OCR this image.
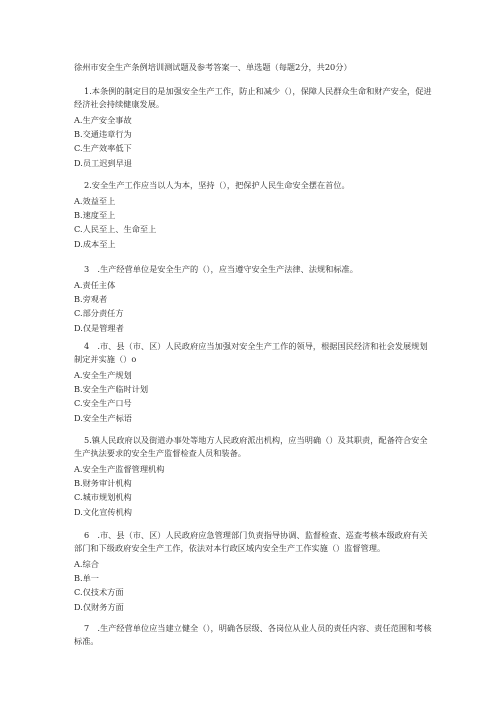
徐州市安全生产条例培训测试题及参考答案一、单选题（每题2分，共20分）

1.本条例的制定目的是加强安全生产工作，防止和减少（），保障人民群众生命和财产安全，促进经济社会持续健康发展。

A.生产安全事故

B.交通违章行为

C.生产效率低下

D.员工迟到早退

2.安全生产工作应当以人为本，坚持（），把保护人民生命安全摆在首位。

A.效益至上

B.速度至上

C.人民至上、生命至上

D.成本至上

3　.生产经营单位是安全生产的（），应当遵守安全生产法律、法规和标准。

A.责任主体

B.旁观者

C.部分责任方

D.仅是管理者

4　.市、县（市、区）人民政府应当加强对安全生产工作的领导，根据国民经济和社会发展规划制定并实施（）o

A.安全生产规划

B.安全生产临时计划

C.安全生产口号

D.安全生产标语

5.镇人民政府以及街道办事处等地方人民政府派出机构，应当明确（）及其职责，配备符合安全生产执法要求的安全生产监督检查人员和装备。

A.安全生产监督管理机构

B.财务审计机构

C.城市规划机构

D.文化宣传机构

6　.市、县（市、区）人民政府应急管理部门负责指导协调、监督检查、巡查考核本级政府有关部门和下级政府安全生产工作，依法对本行政区域内安全生产工作实施（）监督管理。

A.综合

B.单一

C.仅技术方面

D.仅财务方面

7　.生产经营单位应当建立健全（），明确各层级、各岗位从业人员的责任内容、责任范围和考核标准。
